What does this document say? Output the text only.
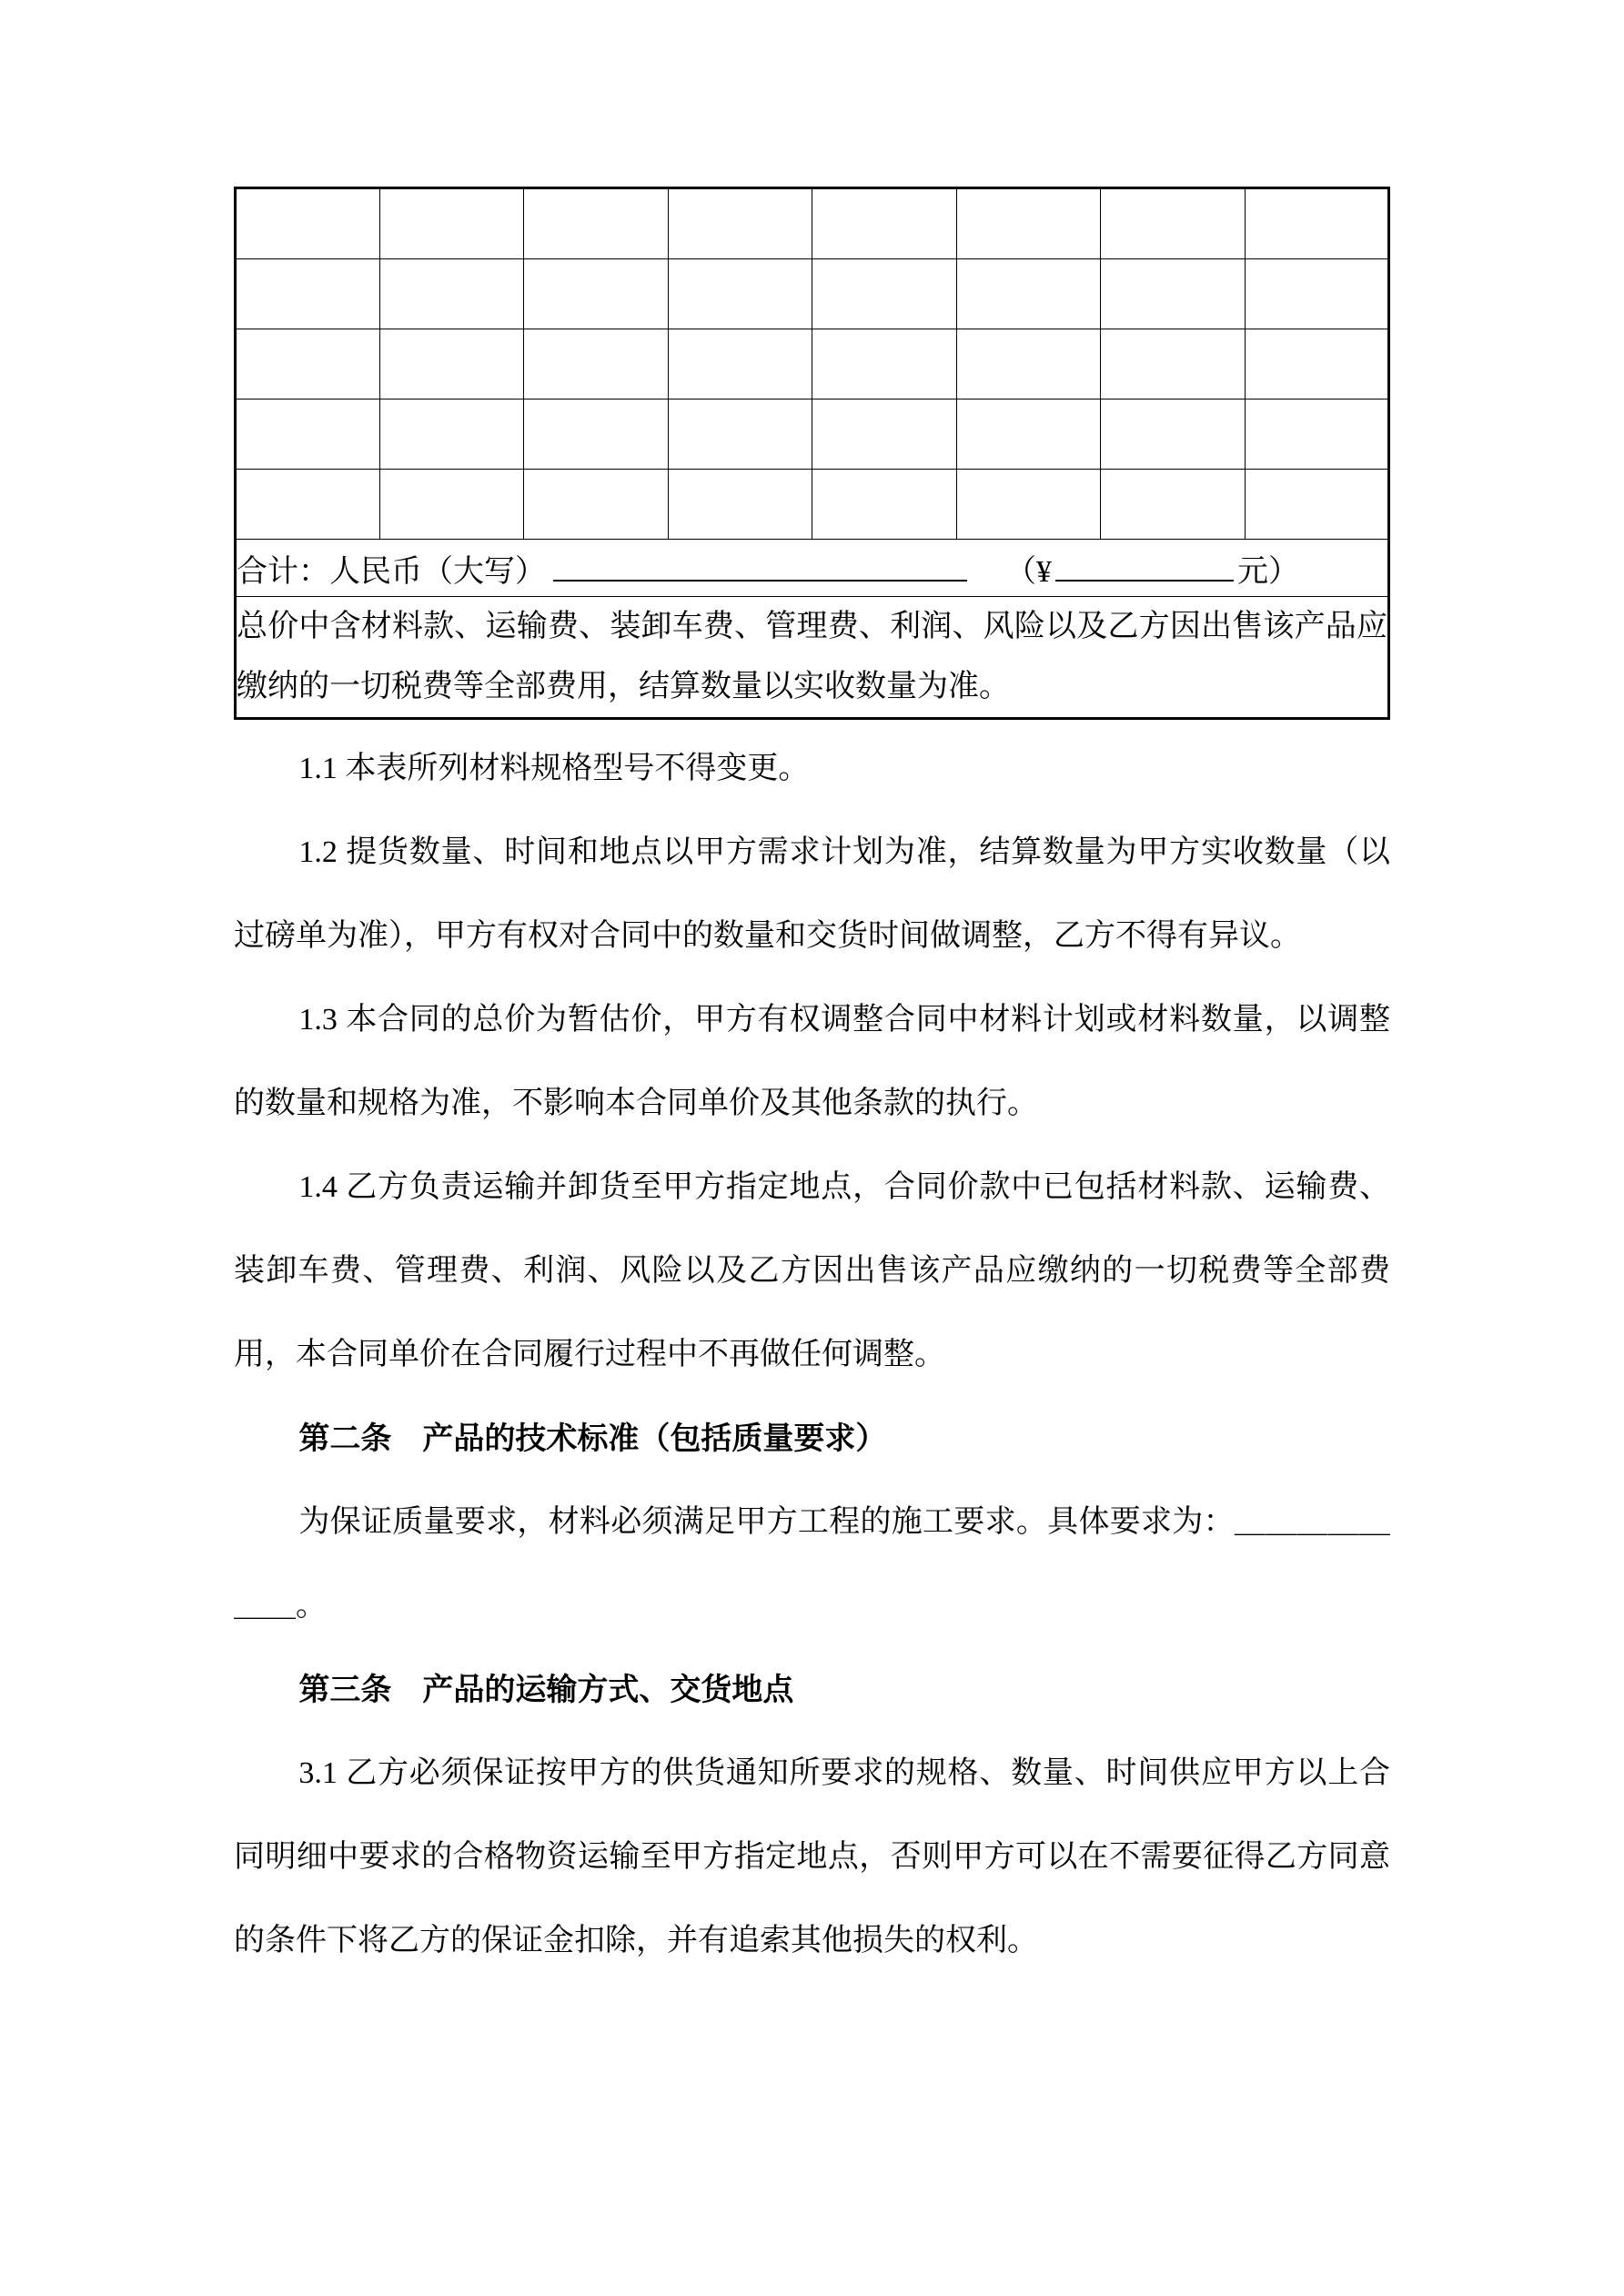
合计：人民币（大写） （¥ 元）							
总价中含材料款、运输费、装卸车费、管理费、利润、风险以及乙方因出售该产品应缴纳的一切税费等全部费用，结算数量以实收数量为准。							

1.1 本表所列材料规格型号不得变更。

1.2 提货数量、时间和地点以甲方需求计划为准，结算数量为甲方实收数量（以过磅单为准），甲方有权对合同中的数量和交货时间做调整，乙方不得有异议。

1.3 本合同的总价为暂估价，甲方有权调整合同中材料计划或材料数量，以调整的数量和规格为准，不影响本合同单价及其他条款的执行。

1.4 乙方负责运输并卸货至甲方指定地点，合同价款中已包括材料款、运输费、装卸车费、管理费、利润、风险以及乙方因出售该产品应缴纳的一切税费等全部费用，本合同单价在合同履行过程中不再做任何调整。

第二条　产品的技术标准（包括质量要求）

为保证质量要求，材料必须满足甲方工程的施工要求。具体要求为：＿＿＿＿＿＿＿。

第三条　产品的运输方式、交货地点

3.1 乙方必须保证按甲方的供货通知所要求的规格、数量、时间供应甲方以上合同明细中要求的合格物资运输至甲方指定地点，否则甲方可以在不需要征得乙方同意的条件下将乙方的保证金扣除，并有追索其他损失的权利。
